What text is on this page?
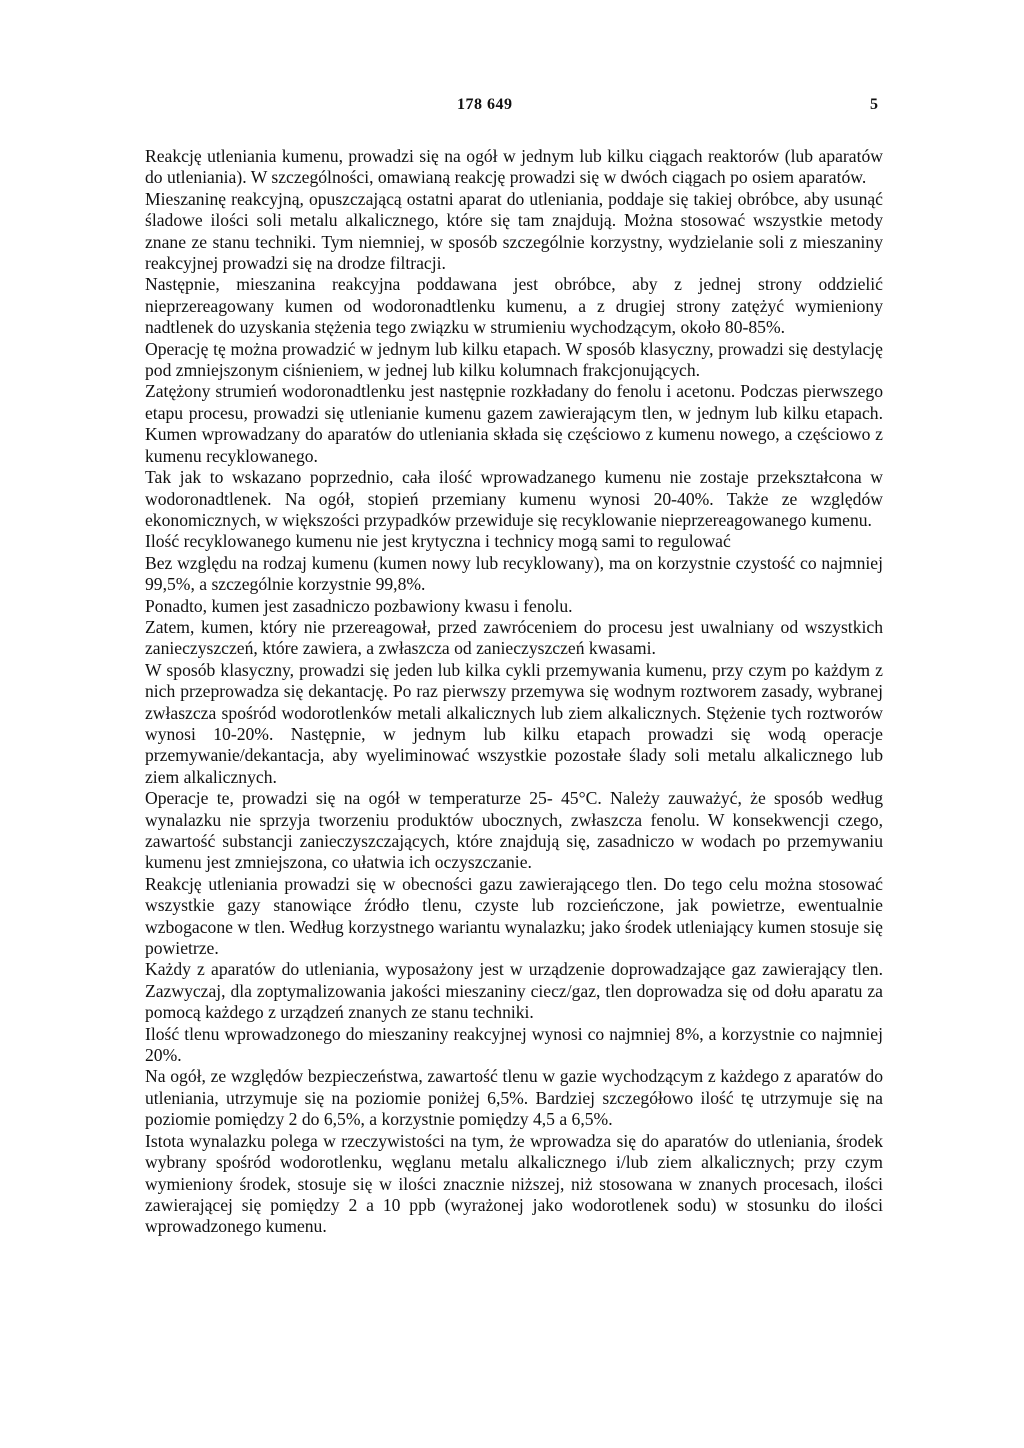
178 649	5

Reakcję utleniania kumenu, prowadzi się na ogół w jednym lub kilku ciągach reaktorów (lub aparatów do utleniania). W szczególności, omawianą reakcję prowadzi się w dwóch ciągach po osiem aparatów.

Mieszaninę reakcyjną, opuszczającą ostatni aparat do utleniania, poddaje się takiej obróbce, aby usunąć śladowe ilości soli metalu alkalicznego, które się tam znajdują. Można stosować wszystkie metody znane ze stanu techniki. Tym niemniej, w sposób szczególnie korzystny, wydzielanie soli z mieszaniny reakcyjnej prowadzi się na drodze filtracji.

Następnie, mieszanina reakcyjna poddawana jest obróbce, aby z jednej strony oddzielić nieprzereagowany kumen od wodoronadtlenku kumenu, a z drugiej strony zatężyć wymieniony nadtlenek do uzyskania stężenia tego związku w strumieniu wychodzącym, około 80-85%.

Operację tę można prowadzić w jednym lub kilku etapach. W sposób klasyczny, prowadzi się destylację pod zmniejszonym ciśnieniem, w jednej lub kilku kolumnach frakcjonujących.

Zatężony strumień wodoronadtlenku jest następnie rozkładany do fenolu i acetonu. Podczas pierwszego etapu procesu, prowadzi się utlenianie kumenu gazem zawierającym tlen, w jednym lub kilku etapach. Kumen wprowadzany do aparatów do utleniania składa się częściowo z kumenu nowego, a częściowo z kumenu recyklowanego.

Tak jak to wskazano poprzednio, cała ilość wprowadzanego kumenu nie zostaje przekształcona w wodoronadtlenek. Na ogół, stopień przemiany kumenu wynosi 20-40%. Także ze względów ekonomicznych, w większości przypadków przewiduje się recyklowanie nieprzereagowanego kumenu.

Ilość recyklowanego kumenu nie jest krytyczna i technicy mogą sami to regulować

Bez względu na rodzaj kumenu (kumen nowy lub recyklowany), ma on korzystnie czystość co najmniej 99,5%, a szczególnie korzystnie 99,8%.

Ponadto, kumen jest zasadniczo pozbawiony kwasu i fenolu.

Zatem, kumen, który nie przereagował, przed zawróceniem do procesu jest uwalniany od wszystkich zanieczyszczeń, które zawiera, a zwłaszcza od zanieczyszczeń kwasami.

W sposób klasyczny, prowadzi się jeden lub kilka cykli przemywania kumenu, przy czym po każdym z nich przeprowadza się dekantację. Po raz pierwszy przemywa się wodnym roztworem zasady, wybranej zwłaszcza spośród wodorotlenków metali alkalicznych lub ziem alkalicznych. Stężenie tych roztworów wynosi 10-20%. Następnie, w jednym lub kilku etapach prowadzi się wodą operacje przemywanie/dekantacja, aby wyeliminować wszystkie pozostałe ślady soli metalu alkalicznego lub ziem alkalicznych.

Operacje te, prowadzi się na ogół w temperaturze 25- 45°C. Należy zauważyć, że sposób według wynalazku nie sprzyja tworzeniu produktów ubocznych, zwłaszcza fenolu. W konsekwencji czego, zawartość substancji zanieczyszczających, które znajdują się, zasadniczo w wodach po przemywaniu kumenu jest zmniejszona, co ułatwia ich oczyszczanie.

Reakcję utleniania prowadzi się w obecności gazu zawierającego tlen. Do tego celu można stosować wszystkie gazy stanowiące źródło tlenu, czyste lub rozcieńczone, jak powietrze, ewentualnie wzbogacone w tlen. Według korzystnego wariantu wynalazku; jako środek utleniający kumen stosuje się powietrze.

Każdy z aparatów do utleniania, wyposażony jest w urządzenie doprowadzające gaz zawierający tlen. Zazwyczaj, dla zoptymalizowania jakości mieszaniny ciecz/gaz, tlen doprowadza się od dołu aparatu za pomocą każdego z urządzeń znanych ze stanu techniki.

Ilość tlenu wprowadzonego do mieszaniny reakcyjnej wynosi co najmniej 8%, a korzystnie co najmniej 20%.

Na ogół, ze względów bezpieczeństwa, zawartość tlenu w gazie wychodzącym z każdego z aparatów do utleniania, utrzymuje się na poziomie poniżej 6,5%. Bardziej szczegółowo ilość tę utrzymuje się na poziomie pomiędzy 2 do 6,5%, a korzystnie pomiędzy 4,5 a 6,5%.

Istota wynalazku polega w rzeczywistości na tym, że wprowadza się do aparatów do utleniania, środek wybrany spośród wodorotlenku, węglanu metalu alkalicznego i/lub ziem alkalicznych; przy czym wymieniony środek, stosuje się w ilości znacznie niższej, niż stosowana w znanych procesach, ilości zawierającej się pomiędzy 2 a 10 ppb (wyrażonej jako wodorotlenek sodu) w stosunku do ilości wprowadzonego kumenu.
